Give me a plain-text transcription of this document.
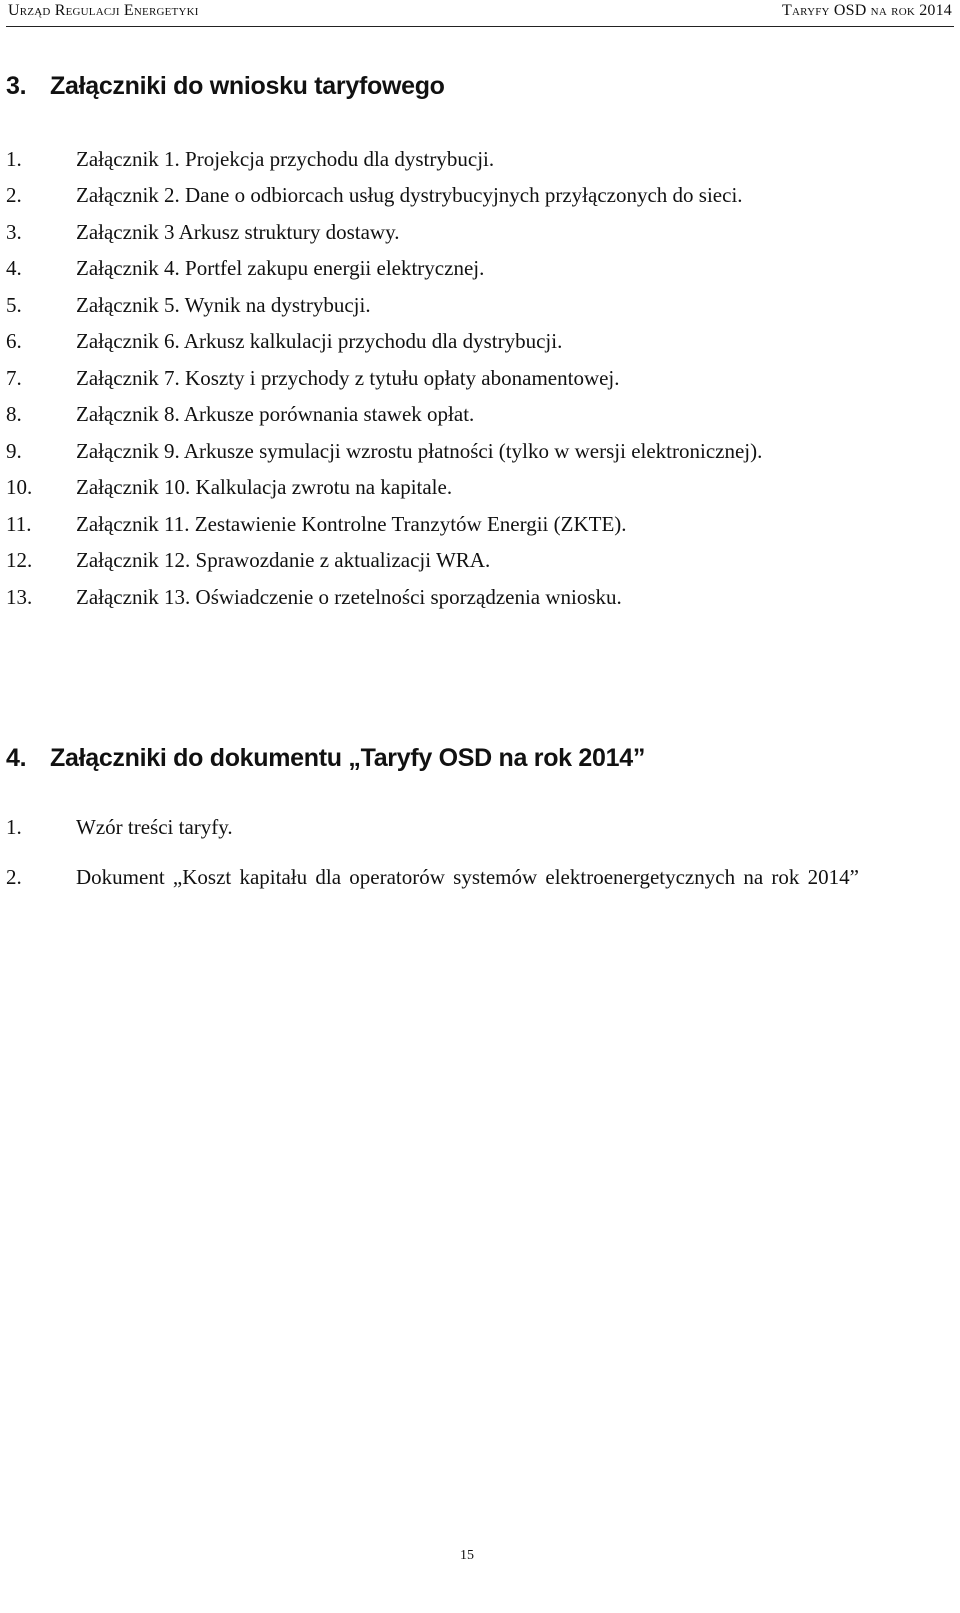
Urząd Regulacji Energetyki	Taryfy OSD na rok 2014
3. Załączniki do wniosku taryfowego
1.	Załącznik 1. Projekcja przychodu dla dystrybucji.
2.	Załącznik 2. Dane o odbiorcach usług dystrybucyjnych przyłączonych do sieci.
3.	Załącznik 3 Arkusz struktury dostawy.
4.	Załącznik 4. Portfel zakupu energii elektrycznej.
5.	Załącznik 5. Wynik na dystrybucji.
6.	Załącznik 6. Arkusz kalkulacji przychodu dla dystrybucji.
7.	Załącznik 7. Koszty i przychody z tytułu opłaty abonamentowej.
8.	Załącznik 8. Arkusze porównania stawek opłat.
9.	Załącznik 9. Arkusze symulacji wzrostu płatności (tylko w wersji elektronicznej).
10.	Załącznik 10. Kalkulacja zwrotu na kapitale.
11.	Załącznik 11. Zestawienie Kontrolne Tranzytów Energii (ZKTE).
12.	Załącznik 12. Sprawozdanie z aktualizacji WRA.
13.	Załącznik 13. Oświadczenie o rzetelności sporządzenia wniosku.
4. Załączniki do dokumentu „Taryfy OSD na rok 2014”
1.	Wzór treści taryfy.
2.	Dokument „Koszt kapitału dla operatorów systemów elektroenergetycznych na rok 2014”
15
